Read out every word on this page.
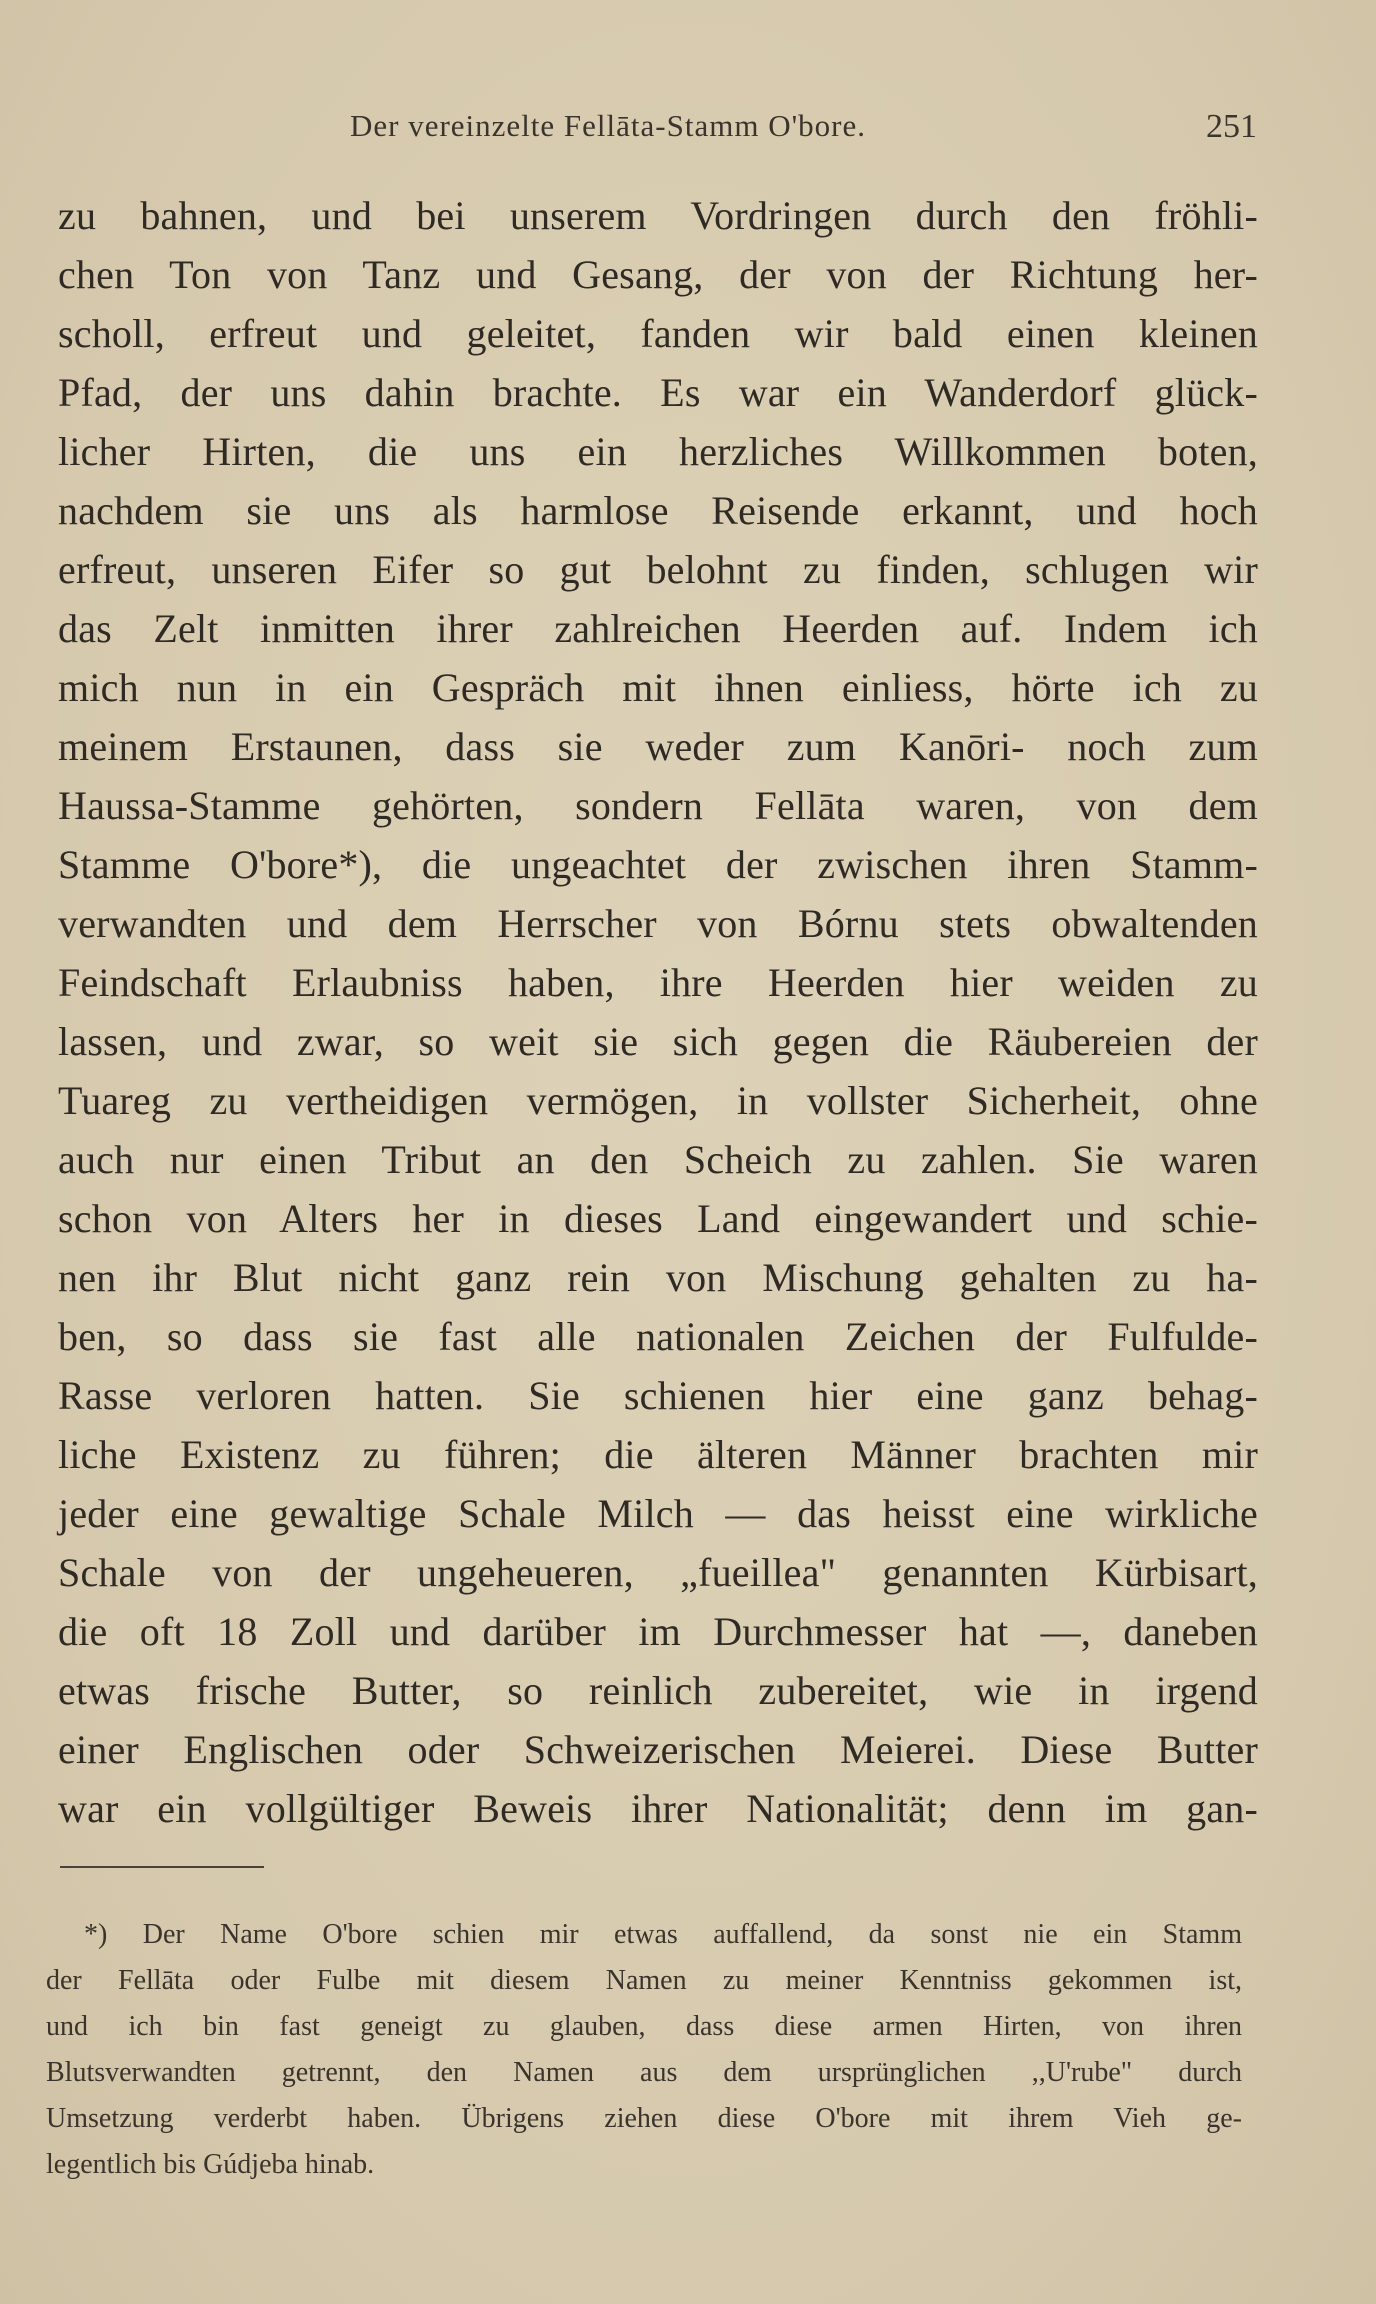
Der vereinzelte Fellāta-Stamm O'bore.	251
zu bahnen, und bei unserem Vordringen durch den fröhli-
chen Ton von Tanz und Gesang, der von der Richtung her-
scholl, erfreut und geleitet, fanden wir bald einen kleinen
Pfad, der uns dahin brachte. Es war ein Wanderdorf glück-
licher Hirten, die uns ein herzliches Willkommen boten,
nachdem sie uns als harmlose Reisende erkannt, und hoch
erfreut, unseren Eifer so gut belohnt zu finden, schlugen wir
das Zelt inmitten ihrer zahlreichen Heerden auf. Indem ich
mich nun in ein Gespräch mit ihnen einliess, hörte ich zu
meinem Erstaunen, dass sie weder zum Kanōri- noch zum
Haussa-Stamme gehörten, sondern Fellāta waren, von dem
Stamme O'bore*), die ungeachtet der zwischen ihren Stamm-
verwandten und dem Herrscher von Bórnu stets obwaltenden
Feindschaft Erlaubniss haben, ihre Heerden hier weiden zu
lassen, und zwar, so weit sie sich gegen die Räubereien der
Tuareg zu vertheidigen vermögen, in vollster Sicherheit, ohne
auch nur einen Tribut an den Scheich zu zahlen. Sie waren
schon von Alters her in dieses Land eingewandert und schie-
nen ihr Blut nicht ganz rein von Mischung gehalten zu ha-
ben, so dass sie fast alle nationalen Zeichen der Fulfulde-
Rasse verloren hatten. Sie schienen hier eine ganz behag-
liche Existenz zu führen; die älteren Männer brachten mir
jeder eine gewaltige Schale Milch — das heisst eine wirkliche
Schale von der ungeheueren, „fueillea" genannten Kürbisart,
die oft 18 Zoll und darüber im Durchmesser hat —, daneben
etwas frische Butter, so reinlich zubereitet, wie in irgend
einer Englischen oder Schweizerischen Meierei. Diese Butter
war ein vollgültiger Beweis ihrer Nationalität; denn im gan-
*) Der Name O'bore schien mir etwas auffallend, da sonst nie ein Stamm
der Fellāta oder Fulbe mit diesem Namen zu meiner Kenntniss gekommen ist,
und ich bin fast geneigt zu glauben, dass diese armen Hirten, von ihren
Blutsverwandten getrennt, den Namen aus dem ursprünglichen ,,U'rube" durch
Umsetzung verderbt haben. Übrigens ziehen diese O'bore mit ihrem Vieh ge-
legentlich bis Gúdjeba hinab.
